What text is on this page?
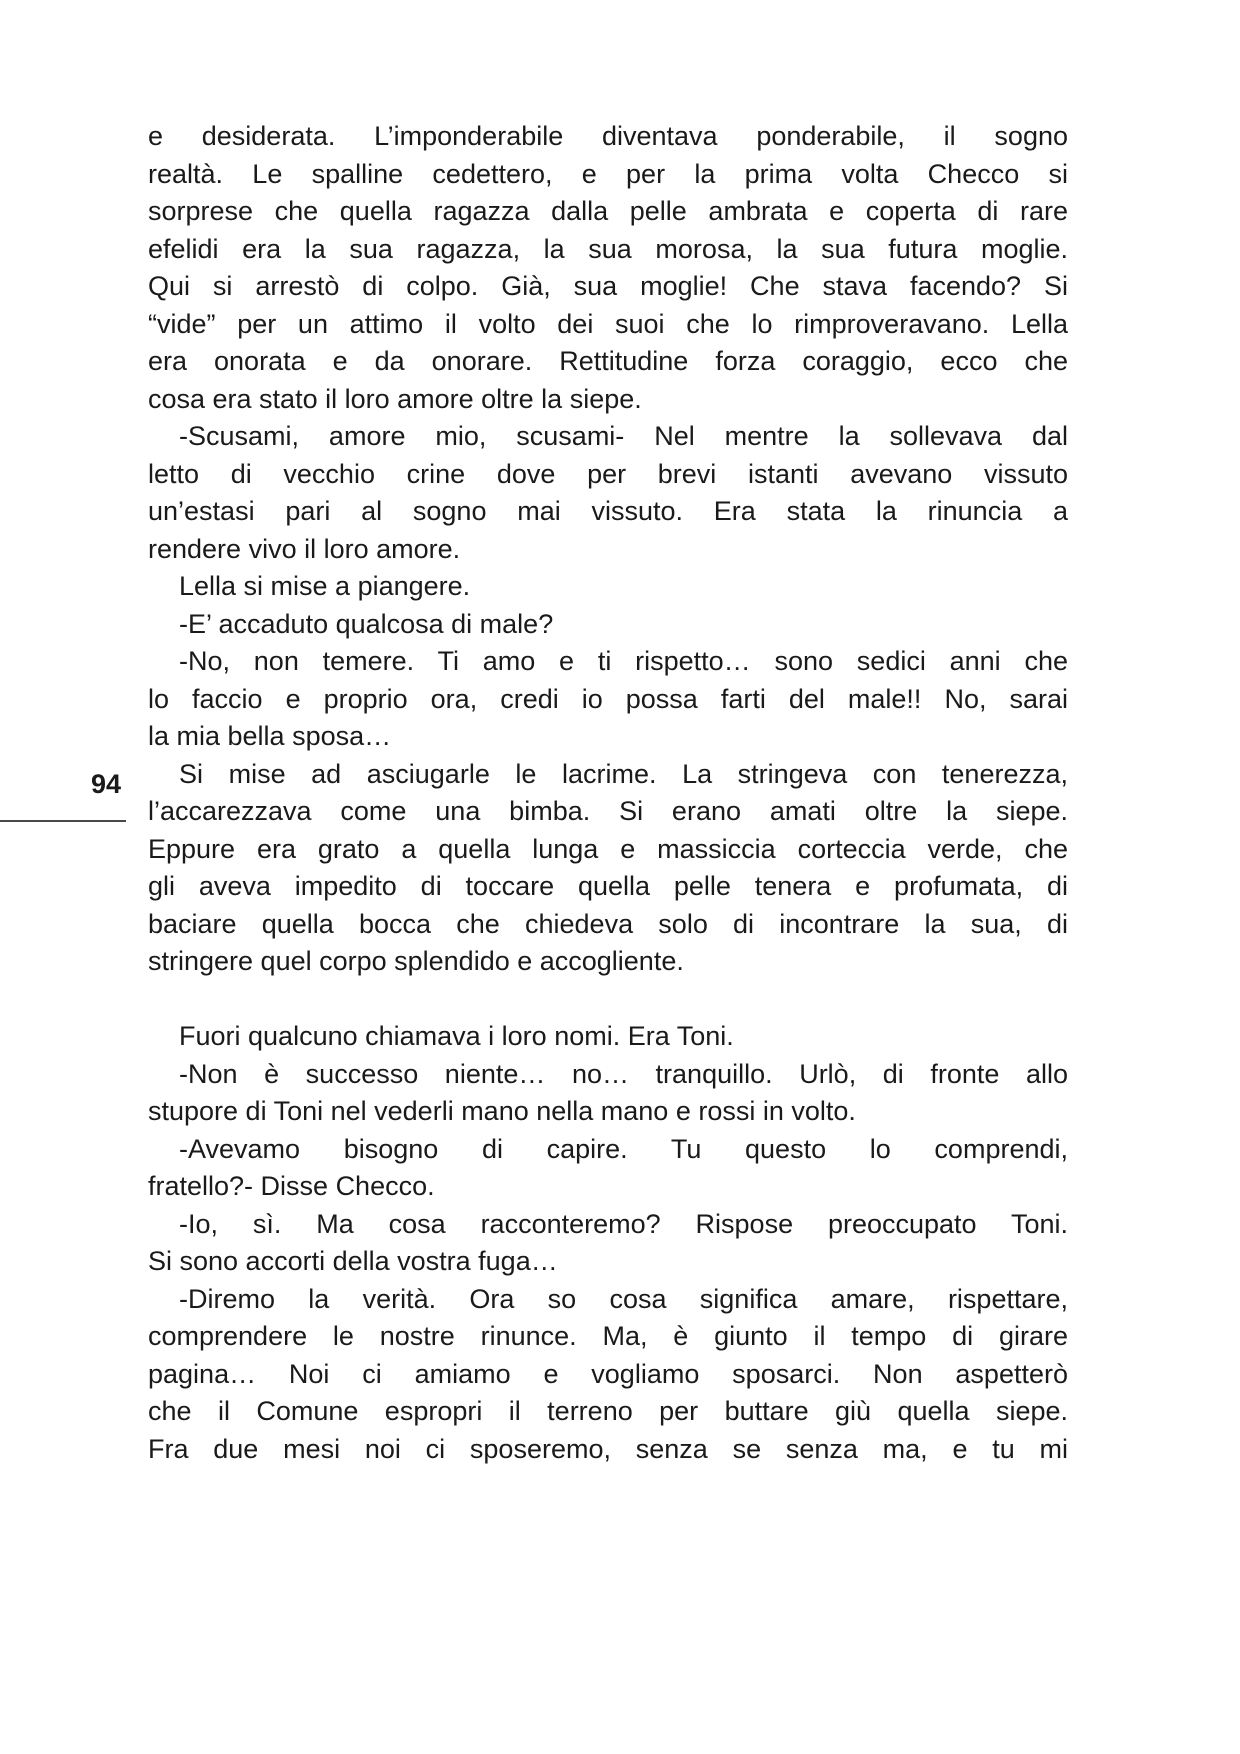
94
e desiderata. L’imponderabile diventava ponderabile, il sogno
realtà. Le spalline cedettero, e per la prima volta Checco si
sorprese che quella ragazza dalla pelle ambrata e coperta di rare
efelidi era la sua ragazza, la sua morosa, la sua futura moglie.
Qui si arrestò di colpo. Già, sua moglie! Che stava facendo? Si
“vide” per un attimo il volto dei suoi che lo rimproveravano. Lella
era onorata e da onorare. Rettitudine forza coraggio, ecco che
cosa era stato il loro amore oltre la siepe.
-Scusami, amore mio, scusami- Nel mentre la sollevava dal
letto di vecchio crine dove per brevi istanti avevano vissuto
un’estasi pari al sogno mai vissuto. Era stata la rinuncia a
rendere vivo il loro amore.
Lella si mise a piangere.
-E’ accaduto qualcosa di male?
-No, non temere. Ti amo e ti rispetto… sono sedici anni che
lo faccio e proprio ora, credi io possa farti del male!! No, sarai
la mia bella sposa…
Si mise ad asciugarle le lacrime. La stringeva con tenerezza,
l’accarezzava come una bimba. Si erano amati oltre la siepe.
Eppure era grato a quella lunga e massiccia corteccia verde, che
gli aveva impedito di toccare quella pelle tenera e profumata, di
baciare quella bocca che chiedeva solo di incontrare la sua, di
stringere quel corpo splendido e accogliente.
Fuori qualcuno chiamava i loro nomi. Era Toni.
-Non è successo niente… no… tranquillo. Urlò, di fronte allo
stupore di Toni nel vederli mano nella mano e rossi in volto.
-Avevamo bisogno di capire. Tu questo lo comprendi,
fratello?- Disse Checco.
-Io, sì. Ma cosa racconteremo? Rispose preoccupato Toni.
Si sono accorti della vostra fuga…
-Diremo la verità. Ora so cosa significa amare, rispettare,
comprendere le nostre rinunce. Ma, è giunto il tempo di girare
pagina… Noi ci amiamo e vogliamo sposarci. Non aspetterò
che il Comune espropri il terreno per buttare giù quella siepe.
Fra due mesi noi ci sposeremo, senza se senza ma, e tu mi
